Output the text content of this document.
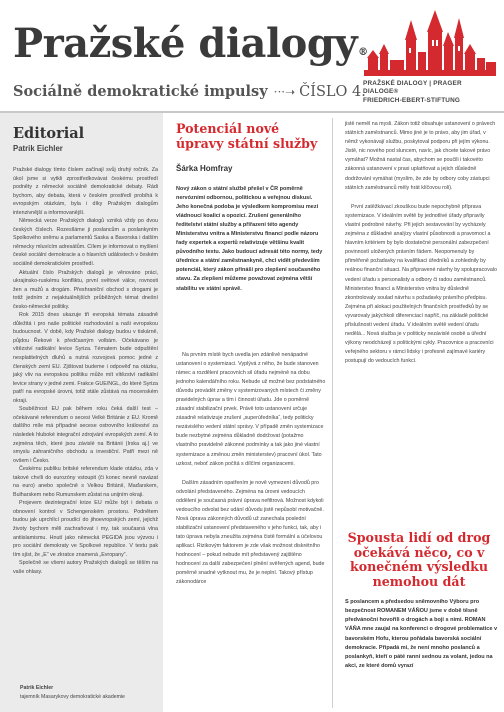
Pražské dialogy®
Sociálně demokratické impulsy ···➝ ČÍSLO 4.
PRAŽSKÉ DIALOGY | PRAGER DIALOGE®
FRIEDRICH-EBERT-STIFTUNG
Editorial
Patrik Eichler

Pražské dialogy tímto číslem začínají svůj druhý ročník. Za úkol jsme si vytkli zprostředkovávat českému prostředí podněty z německé sociálně demokratické debaty. Rádi bychom, aby debata, která v českém prostředí probíhá k evropským otázkám, byla i díky Pražským dialogům intenzivnější a informovanější.

Německá verze Pražských dialogů vzniká vždy po dvou českých číslech. Rozesíláme ji poslancům a poslankyním Spolkového sněmu a parlamentů Saska a Bavorska i dalším německy mluvícím adresátům. Cílem je informovat o myšlení české sociální demokracie a o hlavních událostech v českém sociálně demokratickém prostředí.

Aktuální číslo Pražských dialogů je věnováno práci, ukrajinsko-ruskému konfliktu, první světové válce, rovnosti žen a mužů a drogám. Přeshraniční obchod s drogami je totiž jedním z nejaktuálnějších průběžných témat dnešní česko-německé politiky.

Rok 2015 dnes ukazuje tři evropská témata zásadně důležitá i pro naše politické rozhodování a naši evropskou budoucnost. V době, kdy Pražské dialogy budou v tiskárně, půjdou Řekové k předčasným volbám. Očekávano je vítězství radikální levice Syriza. Tématem bude odpuštění nesplatitelných dluhů a nutná rozvojová pomoc jedné z členských zemí EU. Zjištovat budeme i odpověď na otázku, jaký vliv na evropskou politiku může mít vítězství radikální levice strany v jedné zemi. Frakce GUE/NGL, do které Syriza patří na evropské úrovni, totiž stále zůstává na mocenském okraji.

Souběžnost EU pak během roku čeká další test – očekávané referendum o secesi Velké Británie z EU. Kromě dalšího míle má případné secese ostrovního království za následek hluboké integrační zdrojvání evropských zemí. A to zejména těch, které jsou závislé na Británii (Irska aj.) ve smyslu zahraničního obchodu a investiční. Patří mezi ně ovšem i Česko.

Českému publiku britské referendum klade otázku, zda v takové chvíli do eurozóny vstoupit (či konec nevně navázat na euro) anebo společně s Velkou Británií, Maďarskem, Bulharskem nebo Rumunskem zůstat na unijním okraji.

Projevem dezintegrační krize EU může být i debata o obnovení kontrol v Schengenském prostoru. Podnětem budou jak uprchlící proudící do jihoevropských zemí, jejichž životy bychom měli zachraňovat i my, tak současná vlna antiislamismu. Hnutí jako německá PEGIDA jsou výzvou i pro sociální demokraty ve Spolkové republice. V textu pak tím sjíst, že „E“ ve zkratce znamená „Evropany“.

Společně se všemi autory Pražských dialogů se těším na vaše ohlasy.

Patrik Eichler
tajemník Masarykovy demokratické akademie
Potenciál nové úpravy státní služby
Šárka Homfray
Nový zákon o státní službě přešel v ČR poměrně nervózními odbornou, politickou a veřejnou diskusí. Jeho konečná podoba je výsledkem kompromisu mezi vládnoucí koalicí a opozicí. Zrušení generálního ředitelství státní služby a přiřazení této agendy Ministerstvu vnitra a Ministerstvu financí podle názoru řady expertek a expertů relativizuje většinu kvalit původního textu. Jako budoucí adresát této normy, tedy úřednice a státní zaměstnankyně, chci vidět především potenciál, který zákon přináší pro zlepšení současného stavu. Za zlepšení můžeme považovat zejména větší stabilitu ve státní správě.

Na prvním místě bych uvedla jen zdánlivě nenápadné ustanovení o systemizaci. Vyplývá z něho, že bude stanoven rámec a rozdělení pracovních sil úřadu nejméně na dobu jednoho kalendářního roku. Nebude už možné bez podstatného důvodu provádět změny v systemizovaných místech či změny pravidelných úprav a tím i činnosti úřadu. Jde o poměrně zásadní stabilizační prvek. Právě toto ustanovení určuje zásadně relativizuje zrušení „superúředníka“, tedy politicky nezávislého vedení státní správy. V případě změn systemizace bude nezbytné zejména důkladně dodržovat (potažmo vlastního pravidelně zákonné podmínky a tak jako jiné vlastní systemizace a změnou změn ministerstev) pracovní úkol. Tato uzkost, neboť zákon počítá s dílčími organizacemi.

Dalším zásadním opatřením je nově vymezení důvodů pro odvolání představeného. Zejména na úrovni vedoucích oddělení je současná právní úprava nefiltrová. Možnost kdykoli vedoucího odvolat bez udání důvodu jistě nepůsobí motivačně. Nová úprava zákonných důvodů už zanechala poslední stabilizační ustanovení představeného v jeho funkci, tak, aby i tato úprava nebyla zneužita zejména čistě formální a účelovou aplikací. Rizikovým faktorem je zde však možnost diskrétního hodnocení – pokud nebude mít představený zajištěno hodnocení za další zabezpečení plnění svěřených agend, bude poměrně snadné vytknout mu, že je neplní. Takový přístup zákonodárce

jistě neměl na mysli. Zákon totiž obsahuje ustanovení o právech státních zaměstnanců. Mimo jiné je to právo, aby jim úřad, v němž vykonávají službu, poskytoval podporu při jejím výkonu. Jistě, nic nového pod sluncem, navíc, jak chcete takové právo vymáhat? Možná nastal čas, abychom se poučili i takovéto zákonná ustanovení v praxi uplatňovat a jejich důsledně dodržování vymáhat (myslím, že zde by odbory coby zástupci státních zaměstnanců měly hrát klíčovou roli).

První zatěžkávací zkouškou bude nepochybně příprava systemizace. V ideálním světě by jednotlivé úřady připravily vlastní podrobné návrhy. Při jejich sestavování by vycházely zejména z důkladné analýzy vlastní působnosti a pravomocí a hlavním kritériem by bylo dostatečné personální zabezpečení povinností uložených právním řádem. Neopomenuly by přiměřeně požadavky na kvalifikaci úředníků a zohlednily by reálnou finanční situaci. Na připravené návrhy by spolupracovalo vedení úřadu s personalisty a odbory či radou zaměstnanců. Ministerstvo financí a Ministerstvo vnitra by důsledně zkontrolovaly soulad návrhu s požadavky právního předpisu. Zejména při alokaci použitelných finančních prostředků by se vyvarovaly jakýchkoli diferenciací napříč, na základě politické příslušnosti vedení úřadu. V ideálním světě vedení úřadu nedělá... Nová služba je v politicky nezávislé osobě a úřední výkony neodcházejí s politickými cykly. Pracovnice a pracovníci veřejného sektoru v rámci lidsky i profesně zajímavé kariéry postupují do vedoucích funkcí.

Spousta lidí od drog očekává něco, co v konečném výsledku nemohou dát
S poslancem a předsedou sněmovního Výboru pro bezpečnost ROMANEM VÁŇOU jsme v době těsně předvánoční hovořili o drogách a boji s nimi. ROMAN VÁŇA mne zaujal na konferenci o drogové problematice v bavorském Hofu, kterou pořádala bavorská sociální demokracie. Připadá mi, že není mnoho poslanců a poslankyň, kteří o páté ranní sednou za volant, jedou na akci, ze které domů vyrazí
